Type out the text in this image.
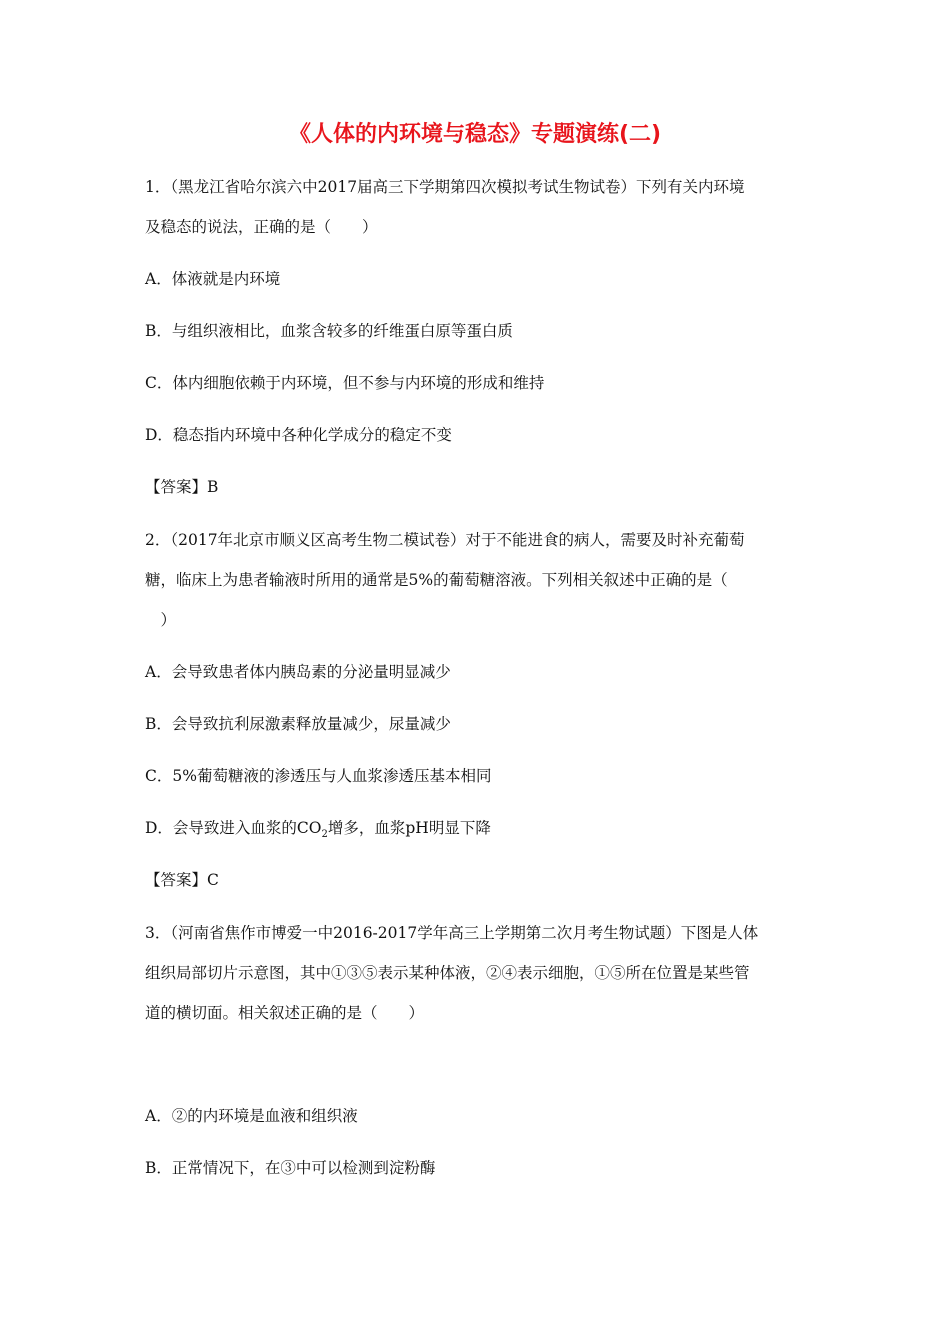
《人体的内环境与稳态》专题演练(二)
1．（黑龙江省哈尔滨六中2017届高三下学期第四次模拟考试生物试卷）下列有关内环境
及稳态的说法，正确的是（　　）
A．体液就是内环境
B．与组织液相比，血浆含较多的纤维蛋白原等蛋白质
C．体内细胞依赖于内环境，但不参与内环境的形成和维持
D．稳态指内环境中各种化学成分的稳定不变
【答案】B
2．（2017年北京市顺义区高考生物二模试卷）对于不能进食的病人，需要及时补充葡萄
糖，临床上为患者输液时所用的通常是5%的葡萄糖溶液。下列相关叙述中正确的是（
　）
A．会导致患者体内胰岛素的分泌量明显减少
B．会导致抗利尿激素释放量减少，尿量减少
C．5%葡萄糖液的渗透压与人血浆渗透压基本相同
D．会导致进入血浆的$CO_2$增多，血浆pH明显下降
【答案】C
3．（河南省焦作市博爱一中2016-2017学年高三上学期第二次月考生物试题）下图是人体
组织局部切片示意图，其中①③⑤表示某种体液，②④表示细胞，①⑤所在位置是某些管
道的横切面。相关叙述正确的是（　　）
A．②的内环境是血液和组织液
B．正常情况下，在③中可以检测到淀粉酶
